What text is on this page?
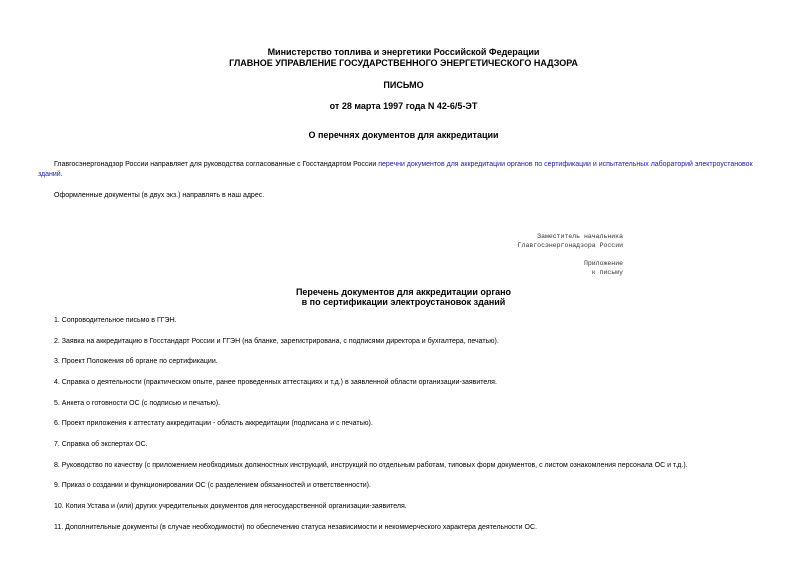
Министерство топлива и энергетики Российской Федерации
ГЛАВНОЕ УПРАВЛЕНИЕ ГОСУДАРСТВЕННОГО ЭНЕРГЕТИЧЕСКОГО НАДЗОРА
ПИСЬМО
от 28 марта 1997 года N 42-6/5-ЭТ
О перечнях документов для аккредитации
Главгосэнергонадзор России направляет для руководства согласованные с Госстандартом России перечни документов для аккредитации органов по сертификации и испытательных лабораторий электроустановок зданий.
Оформленные документы (в двух экз.) направлять в наш адрес.
Заместитель начальника
Главгосэнергонадзора России
Приложение
к письму
Перечень документов для аккредитации органо
в по сертификации электроустановок зданий
1. Сопроводительное письмо в ГГЭН.
2. Заявка на аккредитацию в Госстандарт России и ГГЭН (на бланке, зарегистрирована, с подписями директора и бухгалтера, печатью).
3. Проект Положения об органе по сертификации.
4. Справка о деятельности (практическом опыте, ранее проведенных аттестациях и т.д.) в заявленной области организации-заявителя.
5. Анкета о готовности ОС (с подписью и печатью).
6. Проект приложения к аттестату аккредитации - область аккредитации (подписана и с печатью).
7. Справка об экспертах ОС.
8. Руководство по качеству (с приложением необходимых должностных инструкций, инструкций по отдельным работам, типовых форм документов, с листом ознакомления персонала ОС и т.д.).
9. Приказ о создании и функционировании ОС (с разделением обязанностей и ответственности).
10. Копия Устава и (или) других учредительных документов для негосударственной организации-заявителя.
11. Дополнительные документы (в случае необходимости) по обеспечению статуса независимости и некоммерческого характера деятельности ОС.
